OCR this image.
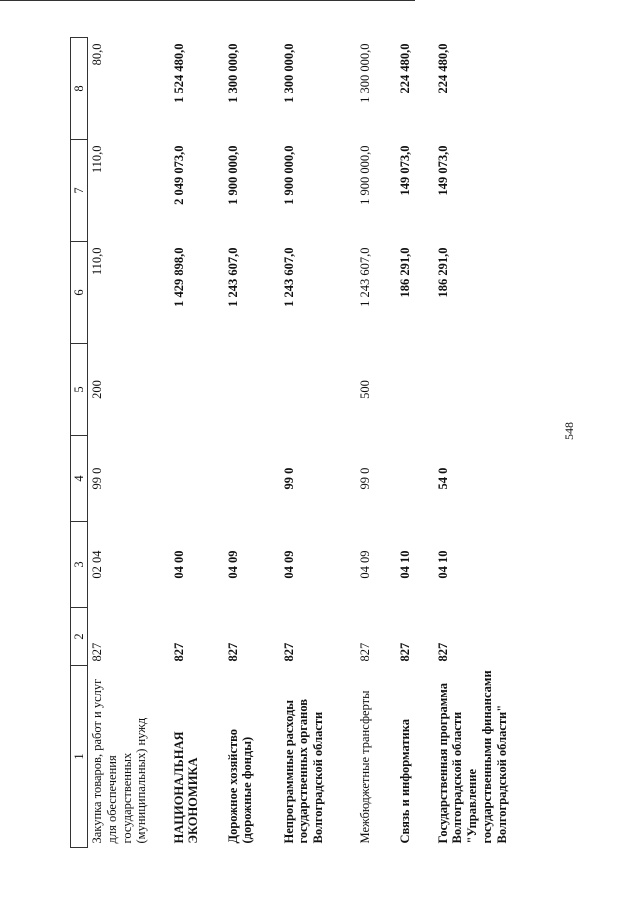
548
1	2	3	4	5	6	7	8
Закупка товаров, работ и услуг для обеспечения государственных (муниципальных) нужд	827	02 04	99 0	200	110,0	110,0	80,0
НАЦИОНАЛЬНАЯ ЭКОНОМИКА	827	04 00			1 429 898,0	2 049 073,0	1 524 480,0
Дорожное хозяйство (дорожные фонды)	827	04 09			1 243 607,0	1 900 000,0	1 300 000,0
Непрограммные расходы государственных органов Волгоградской области	827	04 09	99 0		1 243 607,0	1 900 000,0	1 300 000,0
Межбюджетные трансферты	827	04 09	99 0	500	1 243 607,0	1 900 000,0	1 300 000,0
Связь и информатика	827	04 10			186 291,0	149 073,0	224 480,0
Государственная программа Волгоградской области "Управление государственными финансами Волгоградской области"	827	04 10	54 0		186 291,0	149 073,0	224 480,0
